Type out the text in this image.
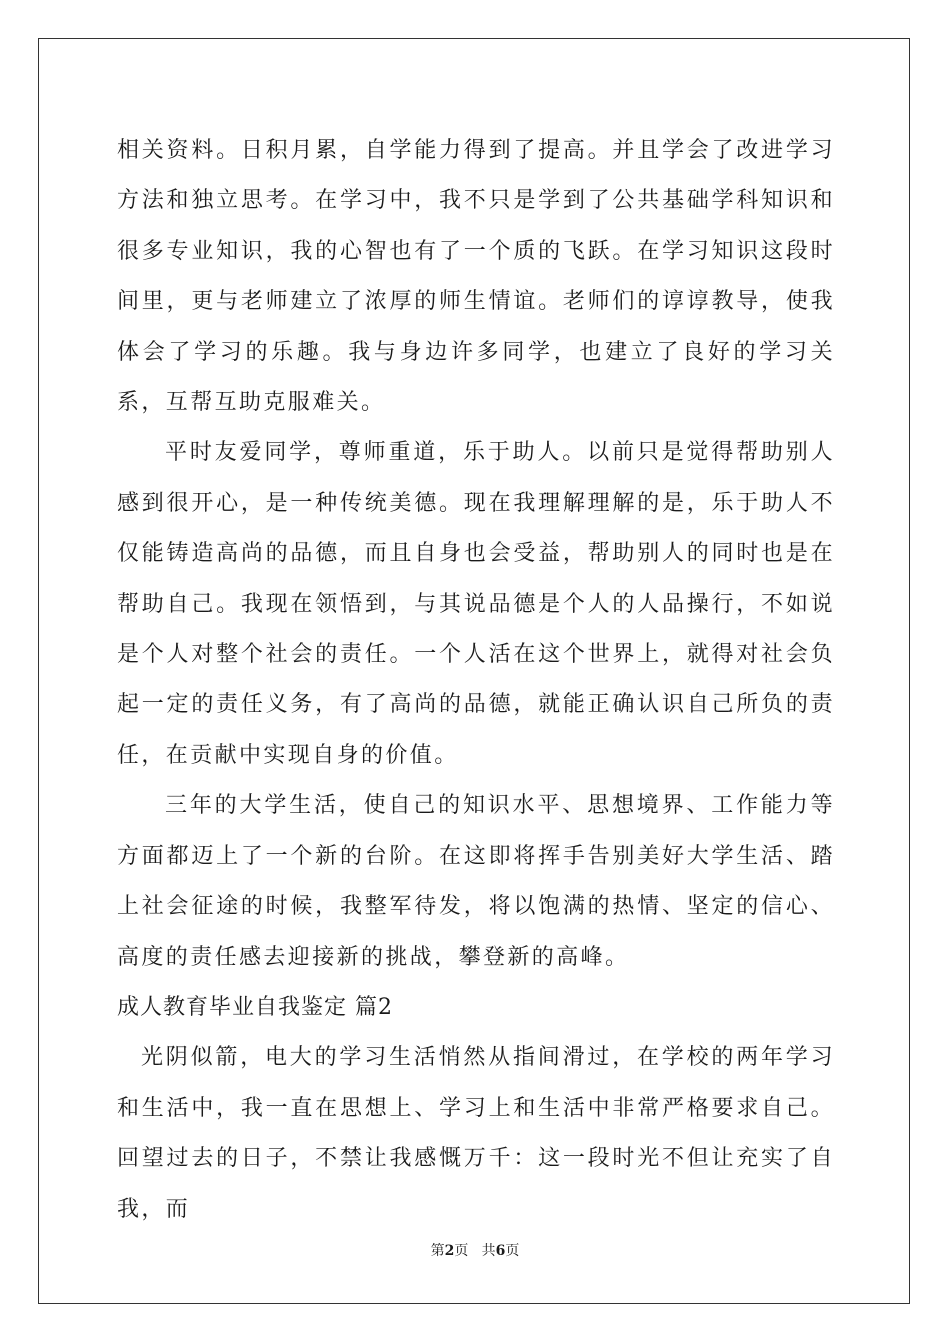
相关资料。日积月累，自学能力得到了提高。并且学会了改进学习方法和独立思考。在学习中，我不只是学到了公共基础学科知识和很多专业知识，我的心智也有了一个质的飞跃。在学习知识这段时间里，更与老师建立了浓厚的师生情谊。老师们的谆谆教导，使我体会了学习的乐趣。我与身边许多同学，也建立了良好的学习关系，互帮互助克服难关。

平时友爱同学，尊师重道，乐于助人。以前只是觉得帮助别人感到很开心，是一种传统美德。现在我理解理解的是，乐于助人不仅能铸造高尚的品德，而且自身也会受益，帮助别人的同时也是在帮助自己。我现在领悟到，与其说品德是个人的人品操行，不如说是个人对整个社会的责任。一个人活在这个世界上，就得对社会负起一定的责任义务，有了高尚的品德，就能正确认识自己所负的责任，在贡献中实现自身的价值。

三年的大学生活，使自己的知识水平、思想境界、工作能力等方面都迈上了一个新的台阶。在这即将挥手告别美好大学生活、踏上社会征途的时候，我整军待发，将以饱满的热情、坚定的信心、高度的责任感去迎接新的挑战，攀登新的高峰。

成人教育毕业自我鉴定 篇2

光阴似箭，电大的学习生活悄然从指间滑过，在学校的两年学习和生活中，我一直在思想上、学习上和生活中非常严格要求自己。回望过去的日子，不禁让我感慨万千：这一段时光不但让充实了自我，而

第2页 共6页
